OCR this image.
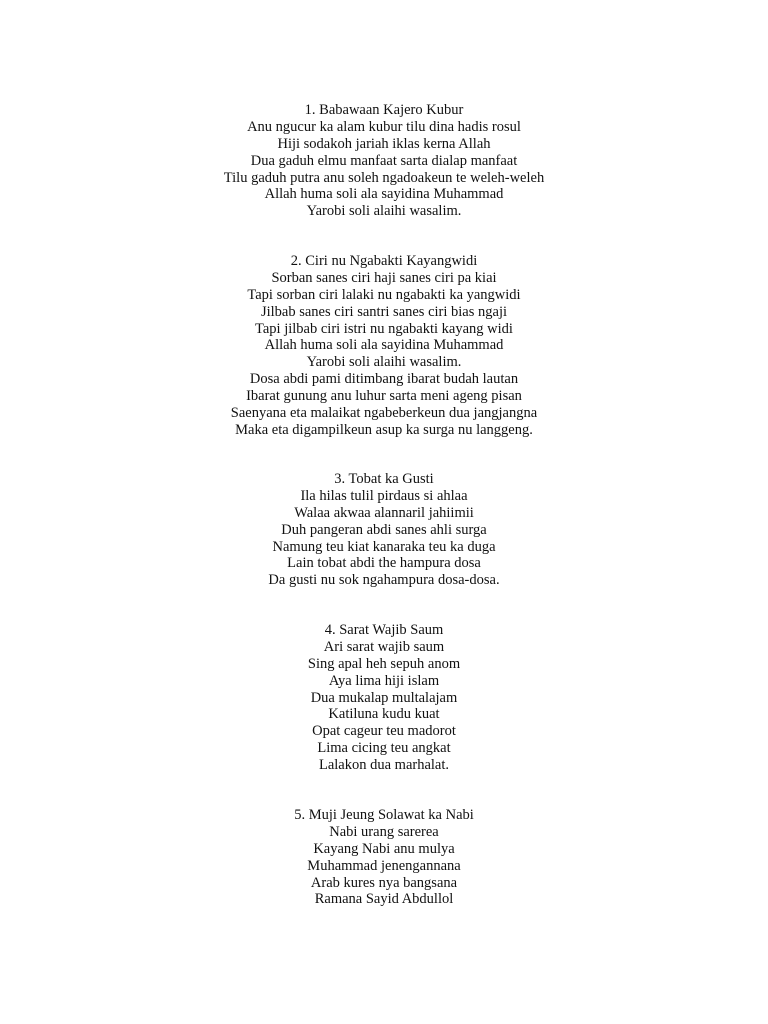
1. Babawaan Kajero Kubur
Anu ngucur ka alam kubur tilu dina hadis rosul
Hiji sodakoh jariah iklas kerna Allah
Dua gaduh elmu manfaat sarta dialap manfaat
Tilu gaduh putra anu soleh ngadoakeun te weleh-weleh
Allah huma soli ala sayidina Muhammad
Yarobi soli alaihi wasalim.
2. Ciri nu Ngabakti Kayangwidi
Sorban sanes ciri haji sanes ciri pa kiai
Tapi sorban ciri lalaki nu ngabakti ka yangwidi
Jilbab sanes ciri santri sanes ciri bias ngaji
Tapi jilbab ciri istri nu ngabakti kayang widi
Allah huma soli ala sayidina Muhammad
Yarobi soli alaihi wasalim.
Dosa abdi pami ditimbang ibarat budah lautan
Ibarat gunung anu luhur sarta meni ageng pisan
Saenyana eta malaikat ngabeberkeun dua jangjangna
Maka eta digampilkeun asup ka surga nu langgeng.
3. Tobat ka Gusti
Ila hilas tulil pirdaus si ahlaa
Walaa akwaa alannaril jahiimii
Duh pangeran abdi sanes ahli surga
Namung teu kiat kanaraka teu ka duga
Lain tobat abdi the hampura dosa
Da gusti nu sok ngahampura dosa-dosa.
4. Sarat Wajib Saum
Ari sarat wajib saum
Sing apal heh sepuh anom
Aya lima hiji islam
Dua mukalap multalajam
Katiluna kudu kuat
Opat cageur teu madorot
Lima cicing teu angkat
Lalakon dua marhalat.
5. Muji Jeung Solawat ka Nabi
Nabi urang sarerea
Kayang Nabi anu mulya
Muhammad jenengannana
Arab kures nya bangsana
Ramana Sayid Abdullol
